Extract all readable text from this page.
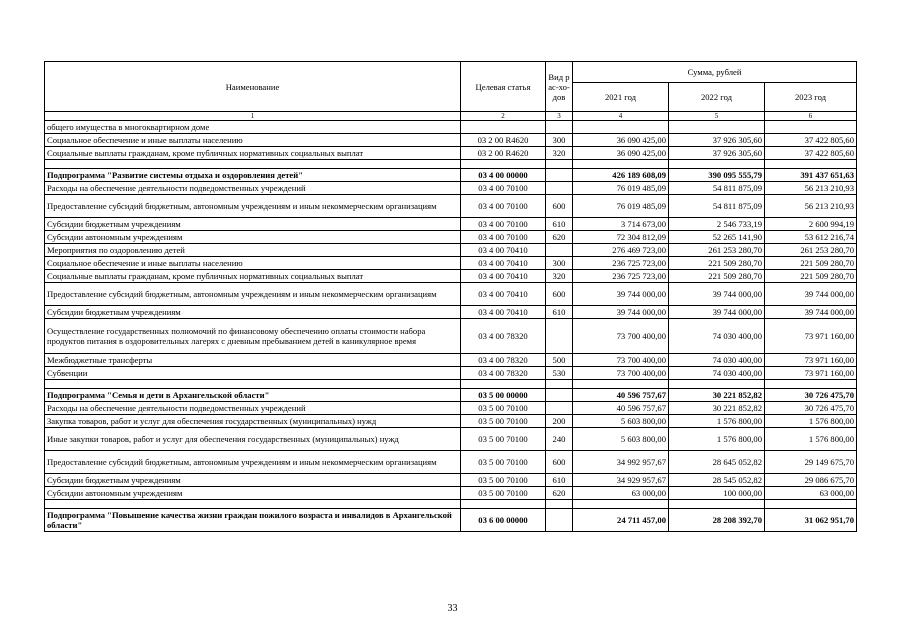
Наименование	Целевая статья	Вид рас-хо-дов	Сумма, рублей		
			2021 год	2022 год	2023 год
1	2	3	4	5	6
общего имущества в многоквартирном доме					
Социальное обеспечение и иные выплаты населению	03 2 00 R4620	300	36 090 425,00	37 926 305,60	37 422 805,60
Социальные выплаты гражданам, кроме публичных нормативных социальных выплат	03 2 00 R4620	320	36 090 425,00	37 926 305,60	37 422 805,60

Подпрограмма "Развитие системы отдыха и оздоровления детей"	03 4 00 00000		426 189 608,09	390 095 555,79	391 437 651,63
Расходы на обеспечение деятельности подведомственных учреждений	03 4 00 70100		76 019 485,09	54 811 875,09	56 213 210,93
Предоставление субсидий бюджетным, автономным учреждениям и иным некоммерческим организациям	03 4 00 70100	600	76 019 485,09	54 811 875,09	56 213 210,93
Субсидии бюджетным учреждениям	03 4 00 70100	610	3 714 673,00	2 546 733,19	2 600 994,19
Субсидии автономным учреждениям	03 4 00 70100	620	72 304 812,09	52 265 141,90	53 612 216,74
Мероприятия по оздоровлению детей	03 4 00 70410		276 469 723,00	261 253 280,70	261 253 280,70
Социальное обеспечение и иные выплаты населению	03 4 00 70410	300	236 725 723,00	221 509 280,70	221 509 280,70
Социальные выплаты гражданам, кроме публичных нормативных социальных выплат	03 4 00 70410	320	236 725 723,00	221 509 280,70	221 509 280,70
Предоставление субсидий бюджетным, автономным учреждениям и иным некоммерческим организациям	03 4 00 70410	600	39 744 000,00	39 744 000,00	39 744 000,00
Субсидии бюджетным учреждениям	03 4 00 70410	610	39 744 000,00	39 744 000,00	39 744 000,00
Осуществление государственных полномочий по финансовому обеспечению оплаты стоимости набора продуктов питания в оздоровительных лагерях с дневным пребыванием детей в каникулярное время	03 4 00 78320		73 700 400,00	74 030 400,00	73 971 160,00
Межбюджетные трансферты	03 4 00 78320	500	73 700 400,00	74 030 400,00	73 971 160,00
Субвенции	03 4 00 78320	530	73 700 400,00	74 030 400,00	73 971 160,00

Подпрограмма "Семья и дети в Архангельской области"	03 5 00 00000		40 596 757,67	30 221 852,82	30 726 475,70
Расходы на обеспечение деятельности подведомственных учреждений	03 5 00 70100		40 596 757,67	30 221 852,82	30 726 475,70
Закупка товаров, работ и услуг для обеспечения государственных (муниципальных) нужд	03 5 00 70100	200	5 603 800,00	1 576 800,00	1 576 800,00
Иные закупки товаров, работ и услуг для обеспечения государственных (муниципальных) нужд	03 5 00 70100	240	5 603 800,00	1 576 800,00	1 576 800,00
Предоставление субсидий бюджетным, автономным учреждениям и иным некоммерческим организациям	03 5 00 70100	600	34 992 957,67	28 645 052,82	29 149 675,70
Субсидии бюджетным учреждениям	03 5 00 70100	610	34 929 957,67	28 545 052,82	29 086 675,70
Субсидии автономным учреждениям	03 5 00 70100	620	63 000,00	100 000,00	63 000,00

Подпрограмма "Повышение качества жизни граждан пожилого возраста и инвалидов в Архангельской области"	03 6 00 00000		24 711 457,00	28 208 392,70	31 062 951,70
33
